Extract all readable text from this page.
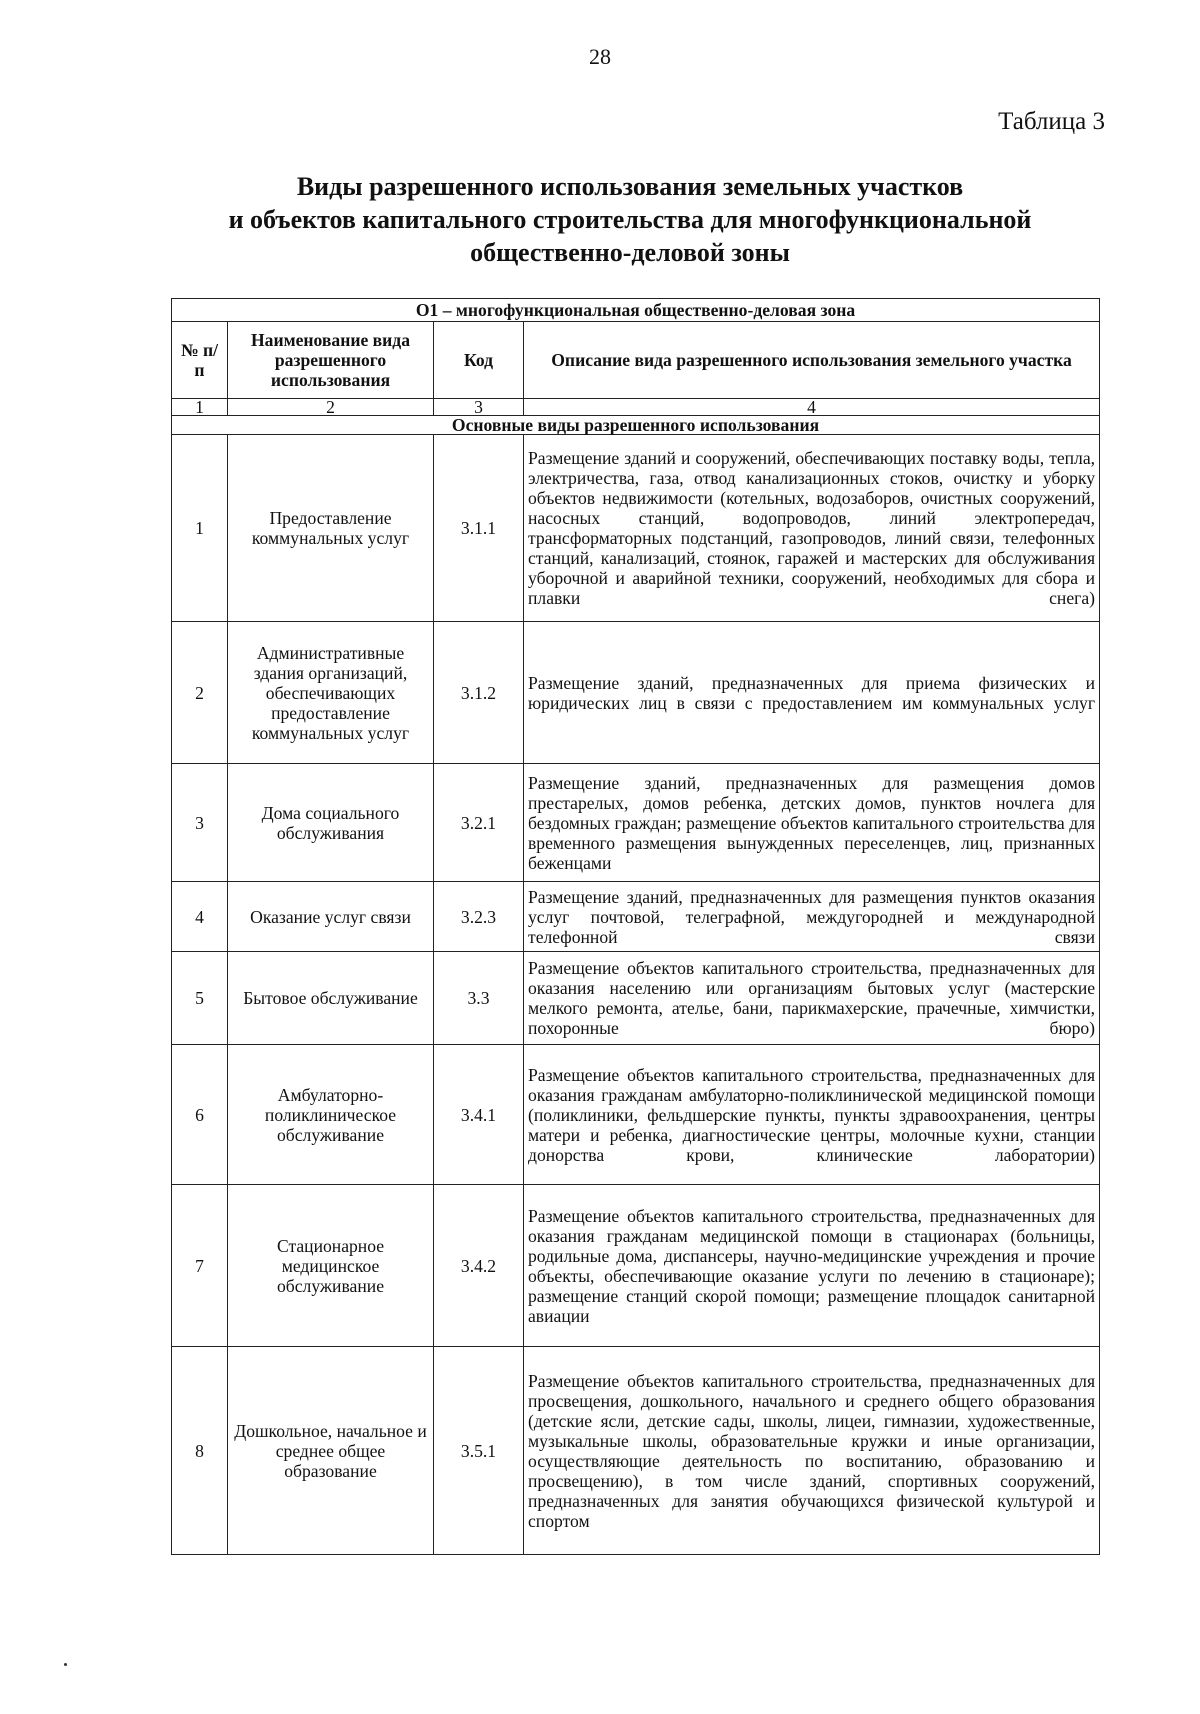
28
Таблица 3
Виды разрешенного использования земельных участков
и объектов капитального строительства для многофункциональной
общественно-деловой зоны
О1 – многофункциональная общественно-деловая зона			
№ п/п	Наименование вида разрешенного использования	Код	Описание вида разрешенного использования земельного участка
1	2	3	4
Основные виды разрешенного использования			
1	Предоставление коммунальных услуг	3.1.1	Размещение зданий и сооружений, обеспечивающих поставку воды, тепла, электричества, газа, отвод канализационных стоков, очистку и уборку объектов недвижимости (котельных, водозаборов, очистных сооружений, насосных станций, водопроводов, линий электропередач, трансформаторных подстанций, газопроводов, линий связи, телефонных станций, канализаций, стоянок, гаражей и мастерских для обслуживания уборочной и аварийной техники, сооружений, необходимых для сбора и плавки снега)
2	Административные здания организаций, обеспечивающих предоставление коммунальных услуг	3.1.2	Размещение зданий, предназначенных для приема физических и юридических лиц в связи с предоставлением им коммунальных услуг
3	Дома социального обслуживания	3.2.1	Размещение зданий, предназначенных для размещения домов престарелых, домов ребенка, детских домов, пунктов ночлега для бездомных граждан; размещение объектов капитального строительства для временного размещения вынужденных переселенцев, лиц, признанных беженцами
4	Оказание услуг связи	3.2.3	Размещение зданий, предназначенных для размещения пунктов оказания услуг почтовой, телеграфной, междугородней и международной телефонной связи
5	Бытовое обслуживание	3.3	Размещение объектов капитального строительства, предназначенных для оказания населению или организациям бытовых услуг (мастерские мелкого ремонта, ателье, бани, парикмахерские, прачечные, химчистки, похоронные бюро)
6	Амбулаторно-поликлиническое обслуживание	3.4.1	Размещение объектов капитального строительства, предназначенных для оказания гражданам амбулаторно-поликлинической медицинской помощи (поликлиники, фельдшерские пункты, пункты здравоохранения, центры матери и ребенка, диагностические центры, молочные кухни, станции донорства крови, клинические лаборатории)
7	Стационарное медицинское обслуживание	3.4.2	Размещение объектов капитального строительства, предназначенных для оказания гражданам медицинской помощи в стационарах (больницы, родильные дома, диспансеры, научно-медицинские учреждения и прочие объекты, обеспечивающие оказание услуги по лечению в стационаре); размещение станций скорой помощи; размещение площадок санитарной авиации
8	Дошкольное, начальное и среднее общее образование	3.5.1	Размещение объектов капитального строительства, предназначенных для просвещения, дошкольного, начального и среднего общего образования (детские ясли, детские сады, школы, лицеи, гимназии, художественные, музыкальные школы, образовательные кружки и иные организации, осуществляющие деятельность по воспитанию, образованию и просвещению), в том числе зданий, спортивных сооружений, предназначенных для занятия обучающихся физической культурой и спортом
